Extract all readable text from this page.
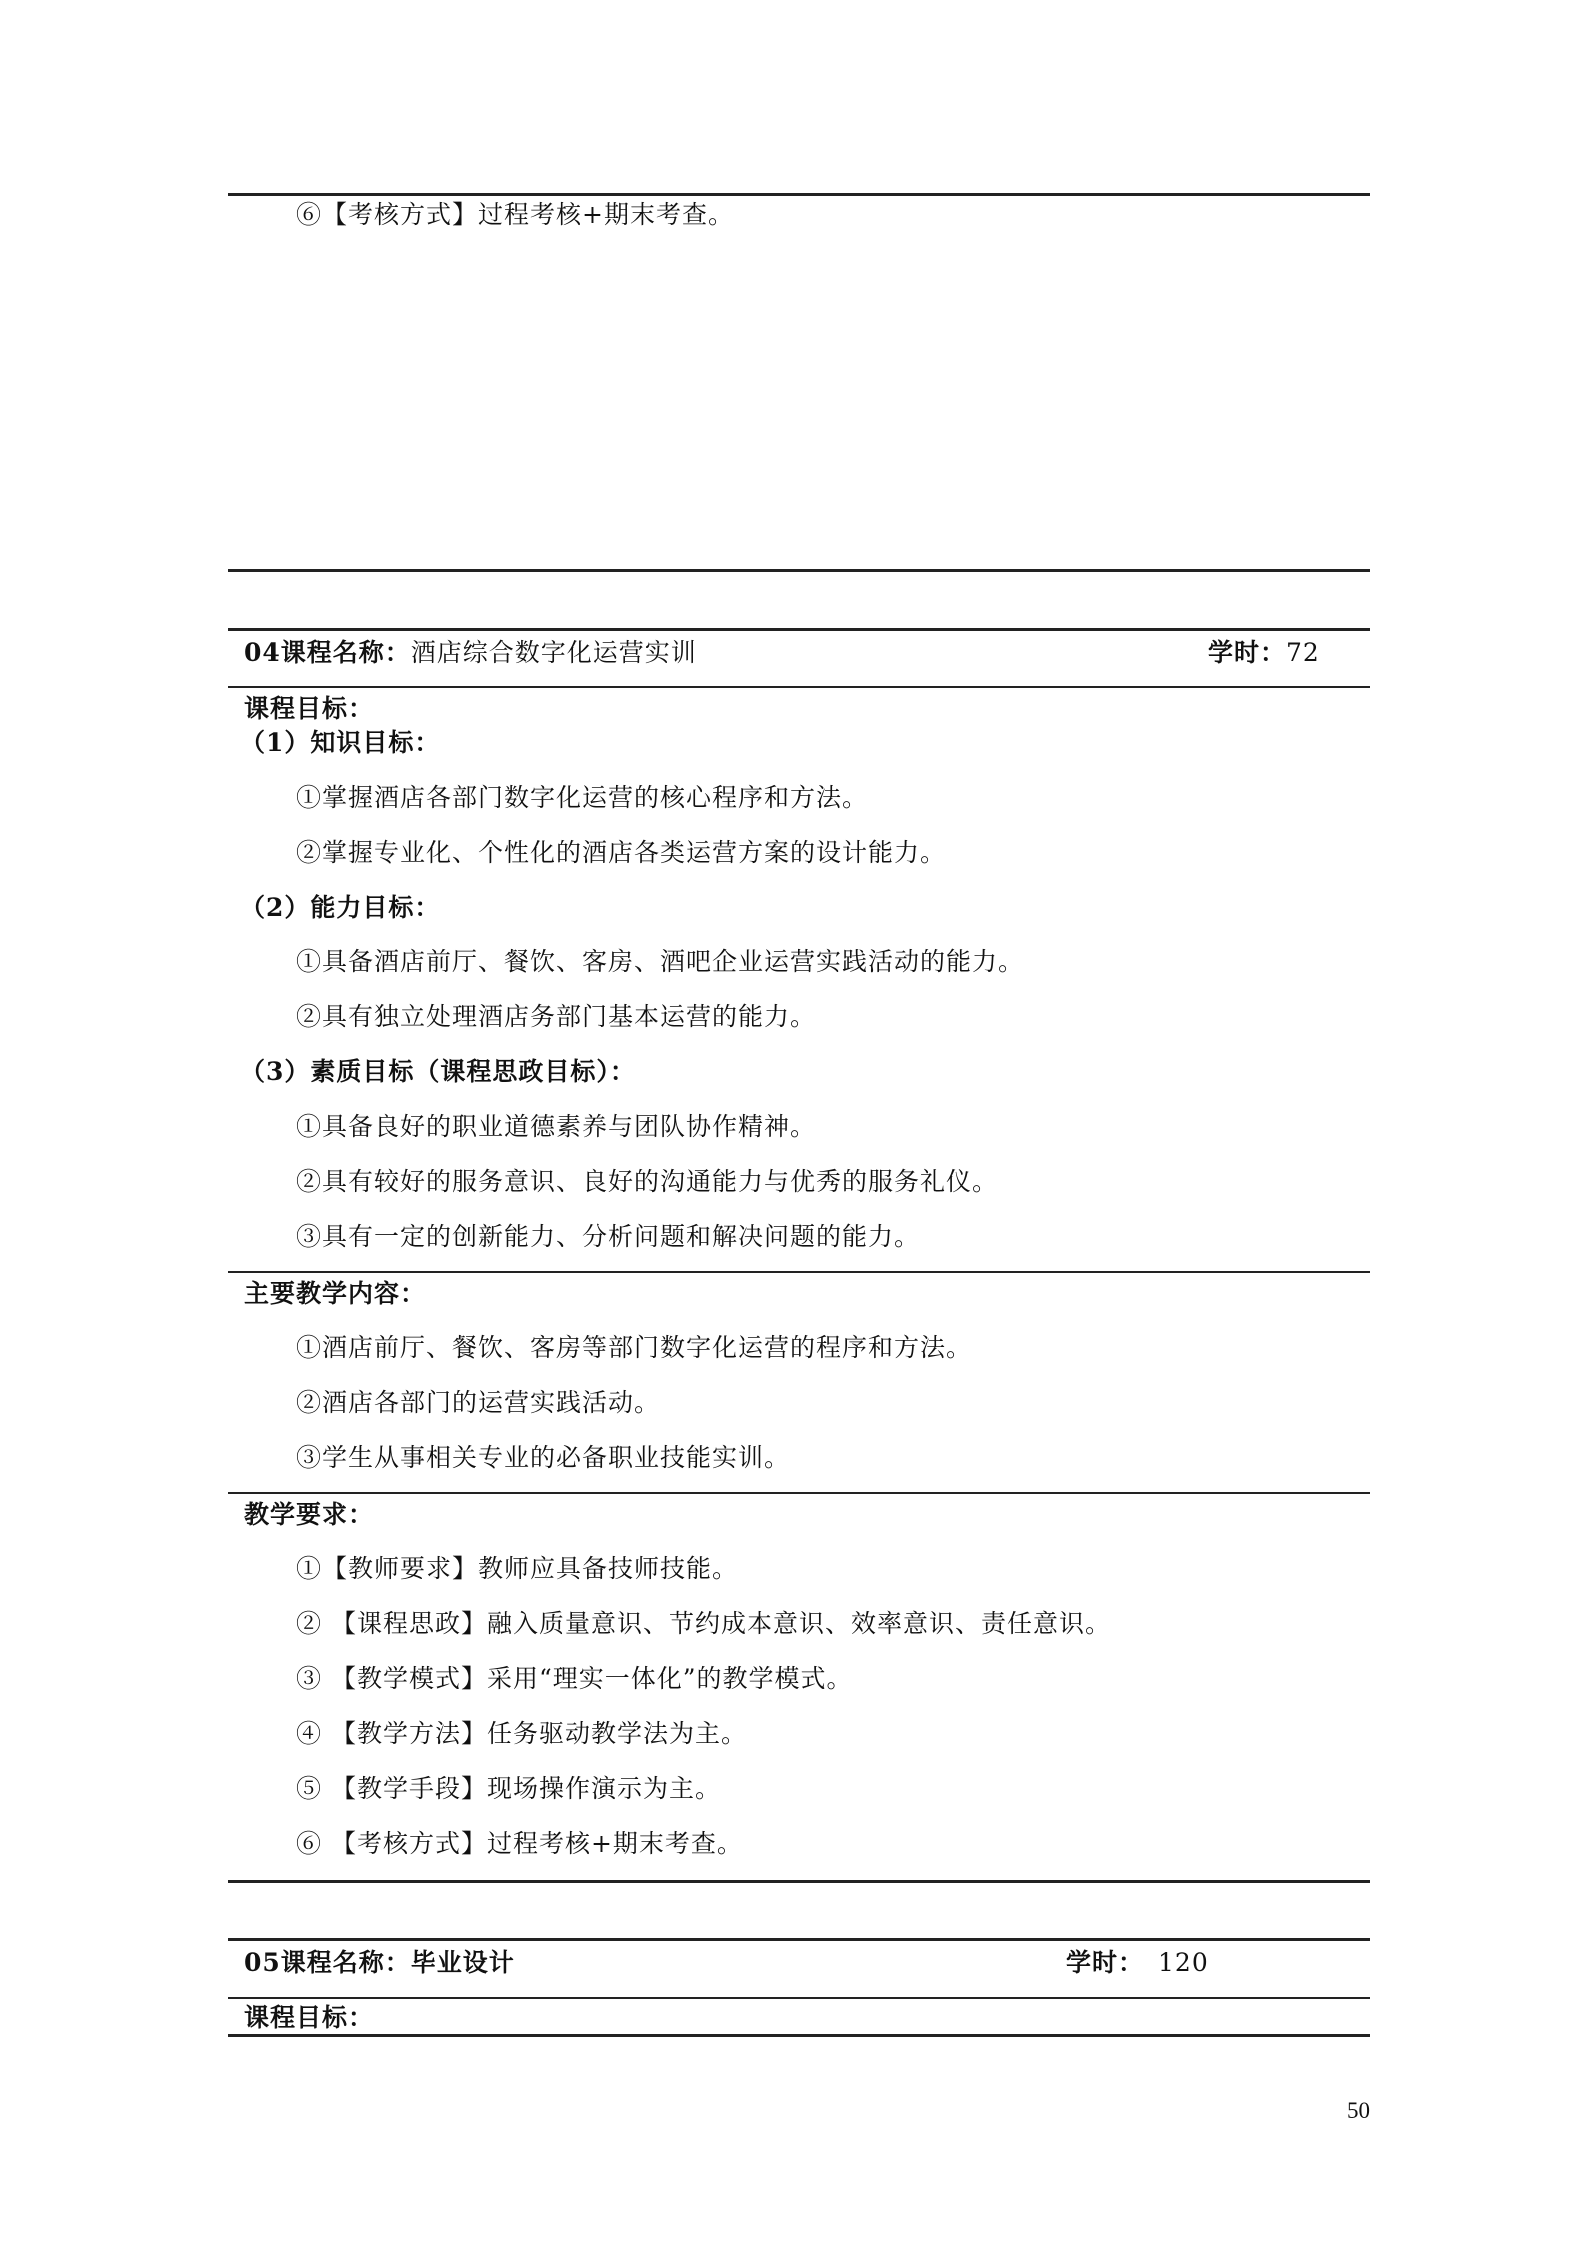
⑥【考核方式】过程考核+期末考查。
04课程名称：酒店综合数字化运营实训	学时：72
课程目标：
（1）知识目标：
①掌握酒店各部门数字化运营的核心程序和方法。
②掌握专业化、个性化的酒店各类运营方案的设计能力。
（2）能力目标：
①具备酒店前厅、餐饮、客房、酒吧企业运营实践活动的能力。
②具有独立处理酒店务部门基本运营的能力。
（3）素质目标（课程思政目标）：
①具备良好的职业道德素养与团队协作精神。
②具有较好的服务意识、良好的沟通能力与优秀的服务礼仪。
③具有一定的创新能力、分析问题和解决问题的能力。
主要教学内容：
①酒店前厅、餐饮、客房等部门数字化运营的程序和方法。
②酒店各部门的运营实践活动。
③学生从事相关专业的必备职业技能实训。
教学要求：
①【教师要求】教师应具备技师技能。
② 【课程思政】融入质量意识、节约成本意识、效率意识、责任意识。
③ 【教学模式】采用“理实一体化”的教学模式。
④ 【教学方法】任务驱动教学法为主。
⑤ 【教学手段】现场操作演示为主。
⑥ 【考核方式】过程考核+期末考查。
05课程名称：毕业设计	学时： 120
课程目标：
50
